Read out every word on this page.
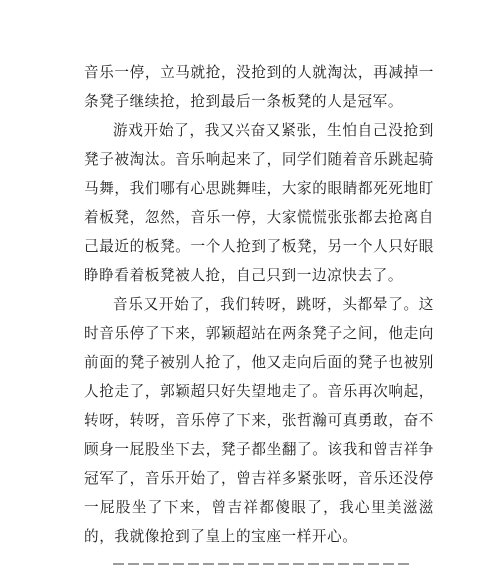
音乐一停，立马就抢，没抢到的人就淘汰，再减掉一条凳子继续抢，抢到最后一条板凳的人是冠军。

游戏开始了，我又兴奋又紧张，生怕自己没抢到凳子被淘汰。音乐响起来了，同学们随着音乐跳起骑马舞，我们哪有心思跳舞哇，大家的眼睛都死死地盯着板凳，忽然，音乐一停，大家慌慌张张都去抢离自己最近的板凳。一个人抢到了板凳，另一个人只好眼睁睁看着板凳被人抢，自己只到一边凉快去了。

音乐又开始了，我们转呀，跳呀，头都晕了。这时音乐停了下来，郭颖超站在两条凳子之间，他走向前面的凳子被别人抢了，他又走向后面的凳子也被别人抢走了，郭颖超只好失望地走了。音乐再次响起，转呀，转呀，音乐停了下来，张哲瀚可真勇敢，奋不顾身一屁股坐下去，凳子都坐翻了。该我和曾吉祥争冠军了，音乐开始了，曾吉祥多紧张呀，音乐还没停一屁股坐了下来，曾吉祥都傻眼了，我心里美滋滋的，我就像抢到了皇上的宝座一样开心。
